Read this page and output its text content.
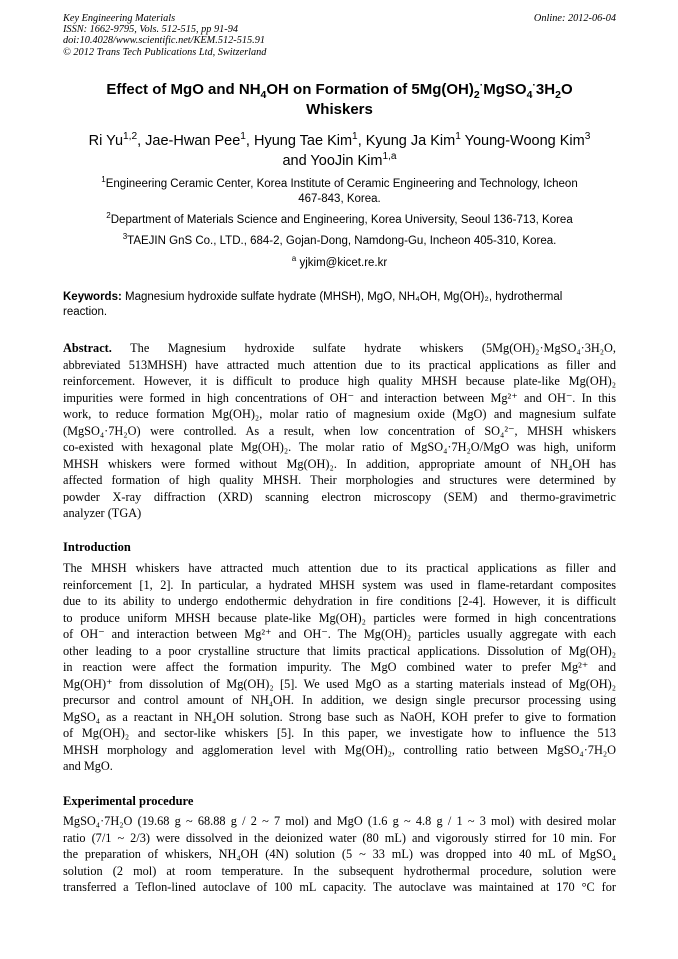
Key Engineering Materials
ISSN: 1662-9795, Vols. 512-515, pp 91-94
doi:10.4028/www.scientific.net/KEM.512-515.91
© 2012 Trans Tech Publications Ltd, Switzerland
Online: 2012-06-04
Effect of MgO and $NH_4OH$ on Formation of $5Mg(OH)_2^\cdot MgSO_4^\cdot 3H_2O$
Whiskers
Ri Yu$^{1,2}$, Jae-Hwan Pee$^1$, Hyung Tae Kim$^1$, Kyung Ja Kim$^1$ Young-Woong Kim$^3$
and YooJin Kim$^{1,a}$
$^1$Engineering Ceramic Center, Korea Institute of Ceramic Engineering and Technology, Icheon
467-843, Korea.
$^2$Department of Materials Science and Engineering, Korea University, Seoul 136-713, Korea
$^3$TAEJIN GnS Co., LTD., 684-2, Gojan-Dong, Namdong-Gu, Incheon 405-310, Korea.
$^a$ yjkim@kicet.re.kr
Keywords: Magnesium hydroxide sulfate hydrate (MHSH), MgO, NH₄OH, Mg(OH)₂, hydrothermal
reaction.
Abstract. The Magnesium hydroxide sulfate hydrate whiskers (5Mg(OH)₂·MgSO₄·3H₂O,
abbreviated 513MHSH) have attracted much attention due to its practical applications as filler and
reinforcement. However, it is difficult to produce high quality MHSH because plate-like Mg(OH)₂
impurities were formed in high concentrations of OH⁻ and interaction between Mg²⁺ and OH⁻. In this
work, to reduce formation Mg(OH)₂, molar ratio of magnesium oxide (MgO) and magnesium sulfate
(MgSO₄·7H₂O) were controlled. As a result, when low concentration of SO₄²⁻, MHSH whiskers
co-existed with hexagonal plate Mg(OH)₂. The molar ratio of MgSO₄·7H₂O/MgO was high, uniform
MHSH whiskers were formed without Mg(OH)₂. In addition, appropriate amount of NH₄OH has
affected formation of high quality MHSH. Their morphologies and structures were determined by
powder X-ray diffraction (XRD) scanning electron microscopy (SEM) and thermo-gravimetric
analyzer (TGA)
Introduction
The MHSH whiskers have attracted much attention due to its practical applications as filler and
reinforcement [1, 2]. In particular, a hydrated MHSH system was used in flame-retardant composites
due to its ability to undergo endothermic dehydration in fire conditions [2-4]. However, it is difficult
to produce uniform MHSH because plate-like Mg(OH)₂ particles were formed in high concentrations
of OH⁻ and interaction between Mg²⁺ and OH⁻. The Mg(OH)₂ particles usually aggregate with each
other leading to a poor crystalline structure that limits practical applications. Dissolution of Mg(OH)₂
in reaction were affect the formation impurity. The MgO combined water to prefer Mg²⁺ and
Mg(OH)⁺ from dissolution of Mg(OH)₂ [5]. We used MgO as a starting materials instead of Mg(OH)₂
precursor and control amount of NH₄OH. In addition, we design single precursor processing using
MgSO₄ as a reactant in NH₄OH solution. Strong base such as NaOH, KOH prefer to give to formation
of Mg(OH)₂ and sector-like whiskers [5]. In this paper, we investigate how to influence the 513
MHSH morphology and agglomeration level with Mg(OH)₂, controlling ratio between MgSO₄·7H₂O
and MgO.
Experimental procedure
MgSO₄·7H₂O (19.68 g ~ 68.88 g / 2 ~ 7 mol) and MgO (1.6 g ~ 4.8 g / 1 ~ 3 mol) with desired molar
ratio (7/1 ~ 2/3) were dissolved in the deionized water (80 mL) and vigorously stirred for 10 min. For
the preparation of whiskers, NH₄OH (4N) solution (5 ~ 33 mL) was dropped into 40 mL of MgSO₄
solution (2 mol) at room temperature. In the subsequent hydrothermal procedure, solution were
transferred a Teflon-lined autoclave of 100 mL capacity. The autoclave was maintained at 170 °C for
